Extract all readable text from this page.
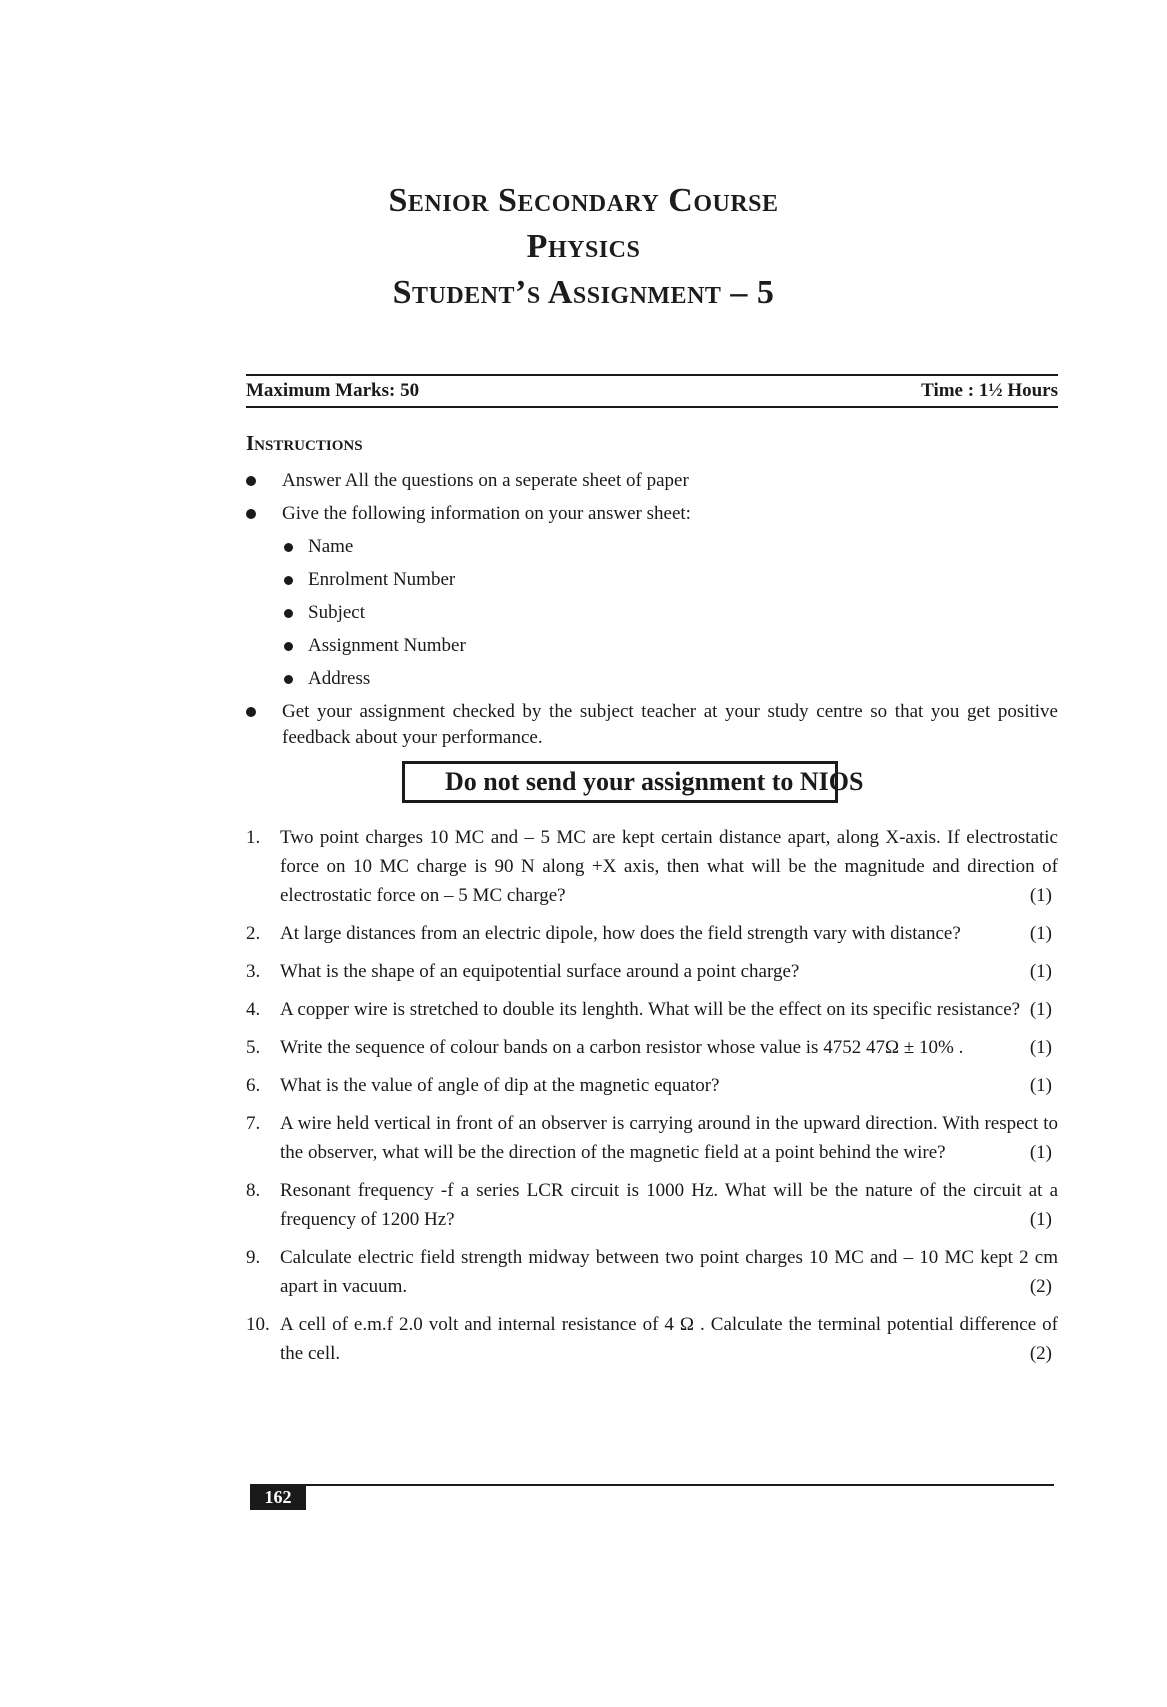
Senior Secondary Course
Physics
Student’s Assignment – 5
Maximum Marks: 50	Time : 1½ Hours
Instructions
Answer All the questions on a seperate sheet of paper
Give the following information on your answer sheet:
Name
Enrolment Number
Subject
Assignment Number
Address
Get your assignment checked by the subject teacher at your study centre so that you get positive feedback about your performance.
Do not send your assignment to NIOS
1. Two point charges 10 MC and – 5 MC are kept certain distance apart, along X-axis. If electrostatic force on 10 MC charge is 90 N along +X axis, then what will be the magnitude and direction of electrostatic force on – 5 MC charge?	(1)
2. At large distances from an electric dipole, how does the field strength vary with distance?	(1)
3. What is the shape of an equipotential surface around a point charge?	(1)
4. A copper wire is stretched to double its lenghth. What will be the effect on its specific resistance? (1)
5. Write the sequence of colour bands on a carbon resistor whose value is 4752 47Ω ± 10% .	(1)
6. What is the value of angle of dip at the magnetic equator?	(1)
7. A wire held vertical in front of an observer is carrying around in the upward direction. With respect to the observer, what will be the direction of the magnetic field at a point behind the wire?	(1)
8. Resonant frequency -f a series LCR circuit is 1000 Hz. What will be the nature of the circuit at a frequency of 1200 Hz?	(1)
9. Calculate electric field strength midway between two point charges 10 MC and – 10 MC kept 2 cm apart in vacuum.	(2)
10. A cell of e.m.f 2.0 volt and internal resistance of 4 Ω . Calculate the terminal potential difference of the cell.	(2)
162
